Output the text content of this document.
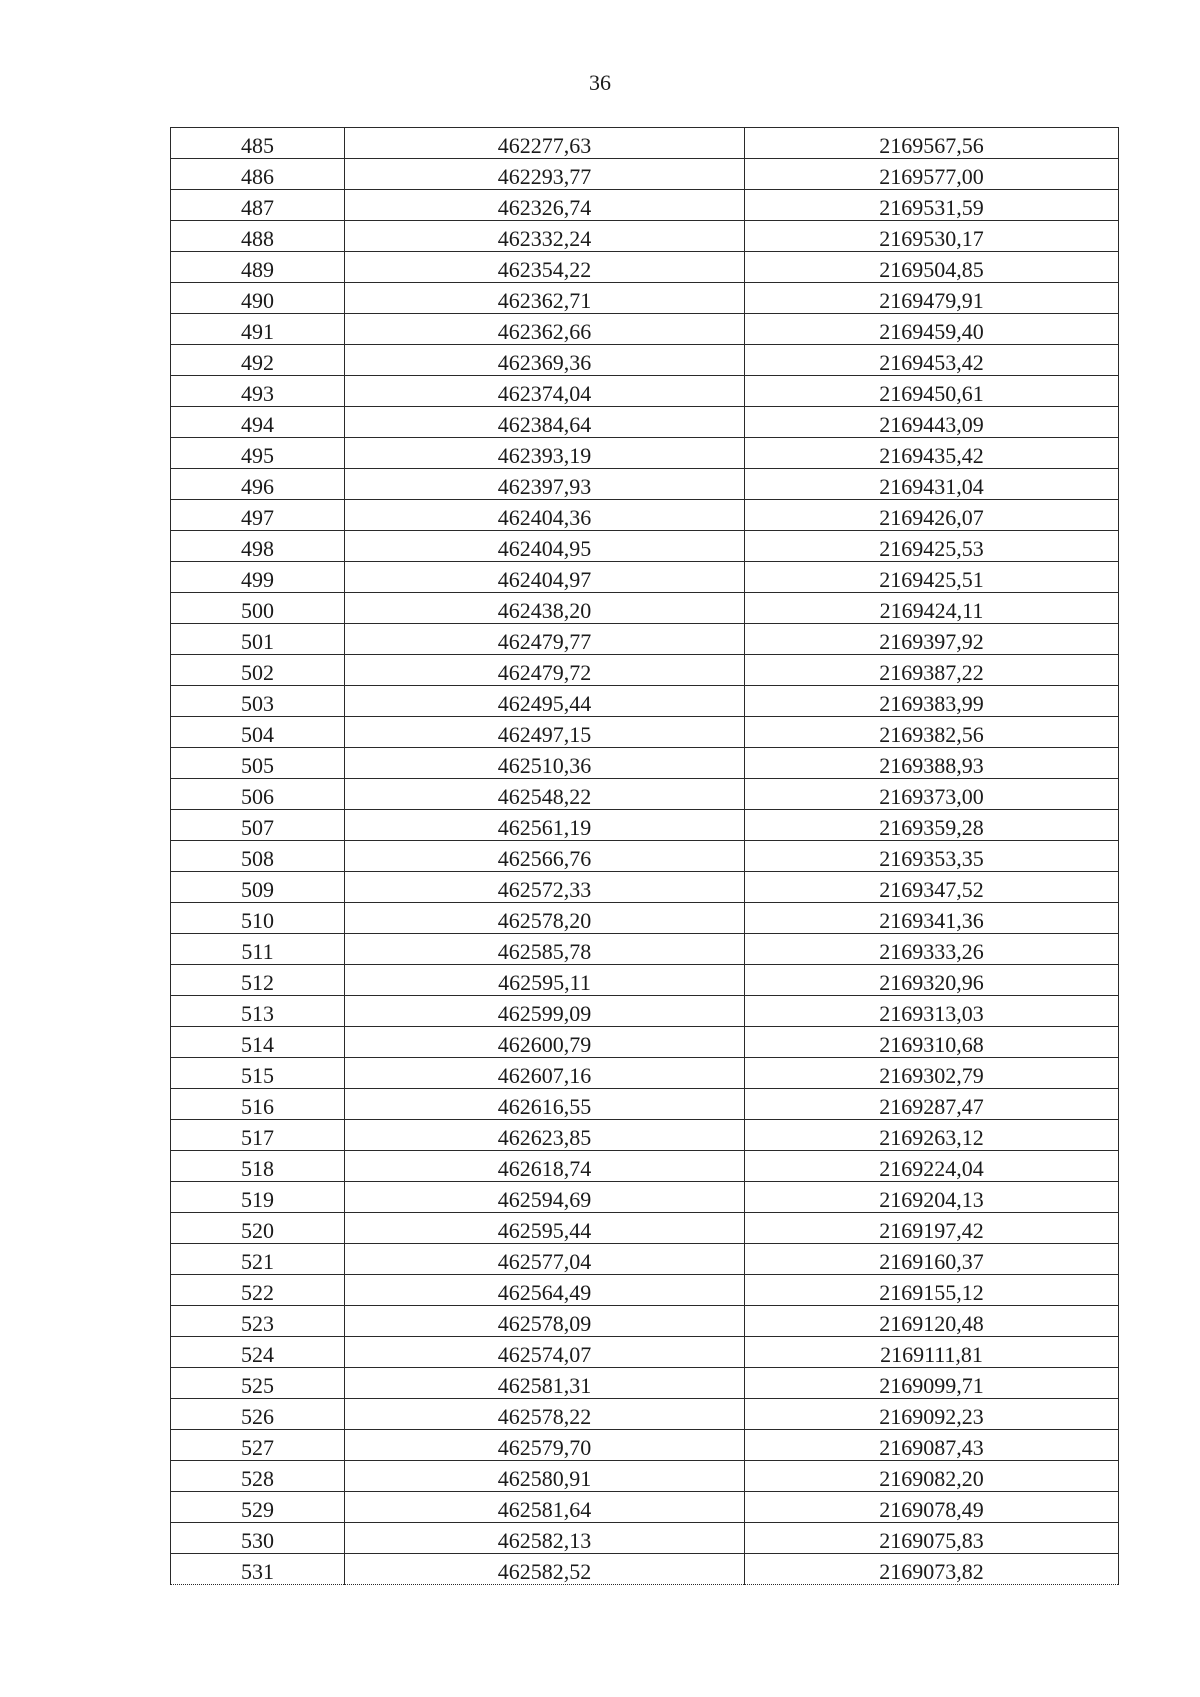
36
485	462277,63	2169567,56
486	462293,77	2169577,00
487	462326,74	2169531,59
488	462332,24	2169530,17
489	462354,22	2169504,85
490	462362,71	2169479,91
491	462362,66	2169459,40
492	462369,36	2169453,42
493	462374,04	2169450,61
494	462384,64	2169443,09
495	462393,19	2169435,42
496	462397,93	2169431,04
497	462404,36	2169426,07
498	462404,95	2169425,53
499	462404,97	2169425,51
500	462438,20	2169424,11
501	462479,77	2169397,92
502	462479,72	2169387,22
503	462495,44	2169383,99
504	462497,15	2169382,56
505	462510,36	2169388,93
506	462548,22	2169373,00
507	462561,19	2169359,28
508	462566,76	2169353,35
509	462572,33	2169347,52
510	462578,20	2169341,36
511	462585,78	2169333,26
512	462595,11	2169320,96
513	462599,09	2169313,03
514	462600,79	2169310,68
515	462607,16	2169302,79
516	462616,55	2169287,47
517	462623,85	2169263,12
518	462618,74	2169224,04
519	462594,69	2169204,13
520	462595,44	2169197,42
521	462577,04	2169160,37
522	462564,49	2169155,12
523	462578,09	2169120,48
524	462574,07	2169111,81
525	462581,31	2169099,71
526	462578,22	2169092,23
527	462579,70	2169087,43
528	462580,91	2169082,20
529	462581,64	2169078,49
530	462582,13	2169075,83
531	462582,52	2169073,82
